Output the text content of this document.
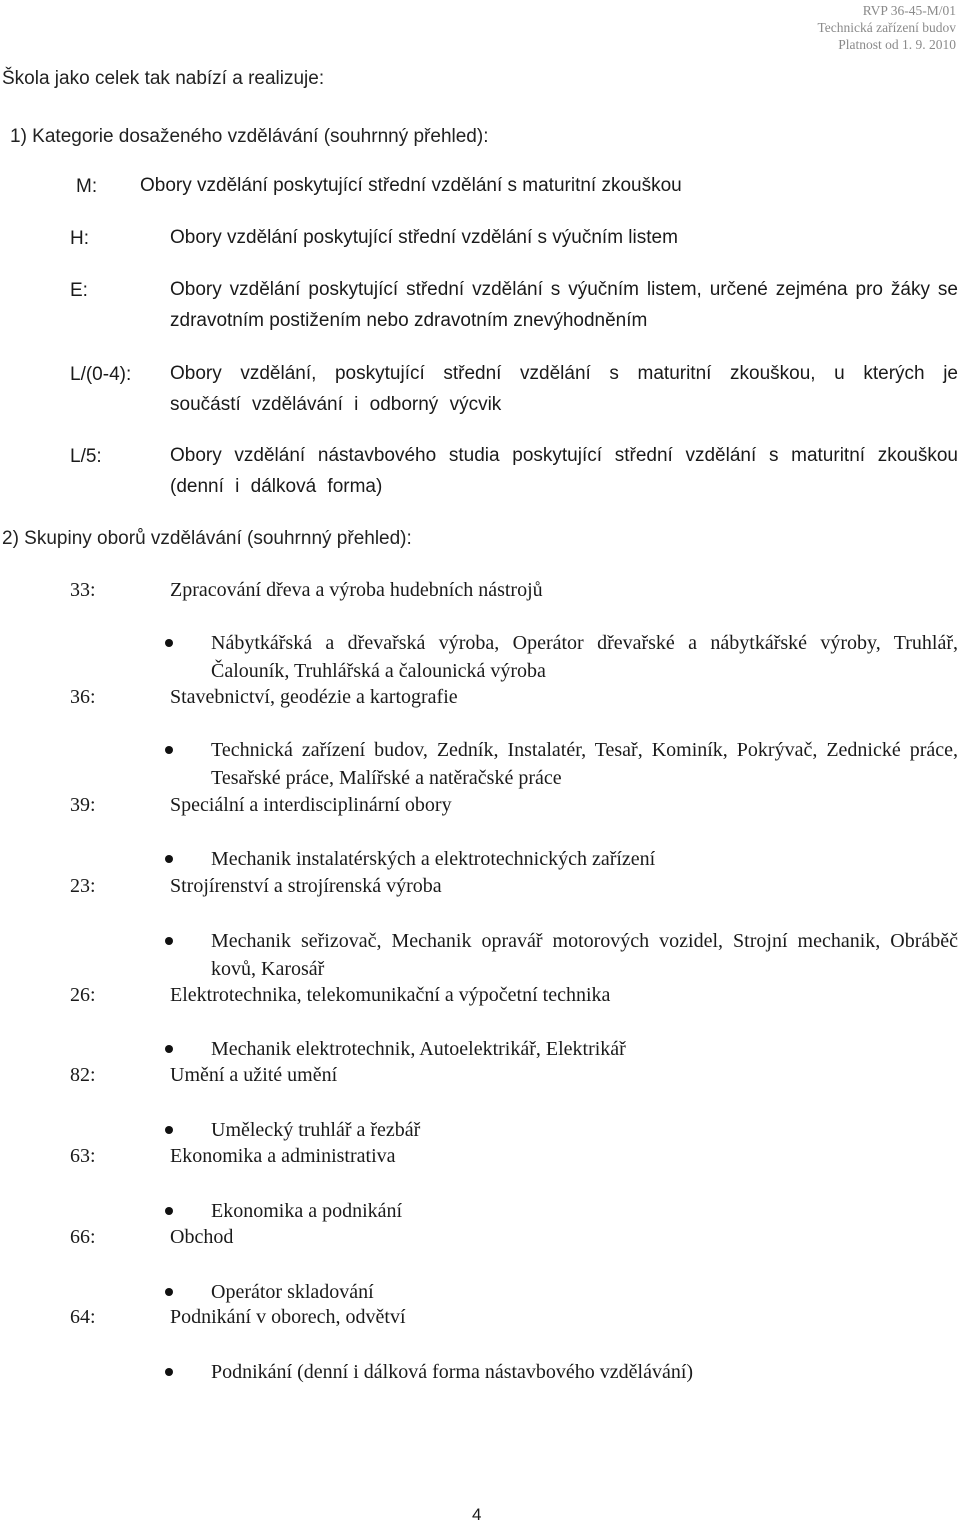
RVP 36-45-M/01
Technická zařízení budov
Platnost od 1. 9. 2010
Škola jako celek tak nabízí a realizuje:
1) Kategorie dosaženého vzdělávání (souhrnný přehled):
M: Obory vzdělání poskytující střední vzdělání s maturitní zkouškou
H:	Obory vzdělání poskytující střední vzdělání s výučním listem
E:	Obory vzdělání poskytující střední vzdělání s výučním listem, určené zejména pro žáky se zdravotním postižením nebo zdravotním znevýhodněním
L/(0-4): Obory vzdělání, poskytující střední vzdělání s maturitní zkouškou, u kterých je součástí vzdělávání i odborný výcvik
L/5:	Obory vzdělání nástavbového studia poskytující střední vzdělání s maturitní zkouškou (denní i dálková forma)
2) Skupiny oborů vzdělávání (souhrnný přehled):
33:	Zpracování dřeva a výroba hudebních nástrojů
Nábytkářská a dřevařská výroba, Operátor dřevařské a nábytkářské výroby, Truhlář, Čalouník, Truhlářská a čalounická výroba
36:	Stavebnictví, geodézie a kartografie
Technická zařízení budov, Zedník, Instalatér, Tesař, Kominík, Pokrývač, Zednické práce, Tesařské práce, Malířské a natěračské práce
39:	Speciální a interdisciplinární obory
Mechanik instalatérských a elektrotechnických zařízení
23:	Strojírenství a strojírenská výroba
Mechanik seřizovač, Mechanik opravář motorových vozidel, Strojní mechanik, Obráběč kovů, Karosář
26:	Elektrotechnika, telekomunikační a výpočetní technika
Mechanik elektrotechnik, Autoelektrikář, Elektrikář
82:	Umění a užité umění
Umělecký truhlář a řezbář
63:	Ekonomika a administrativa
Ekonomika a podnikání
66:	Obchod
Operátor skladování
64:	Podnikání v oborech, odvětví
Podnikání (denní i dálková forma nástavbového vzdělávání)
4
